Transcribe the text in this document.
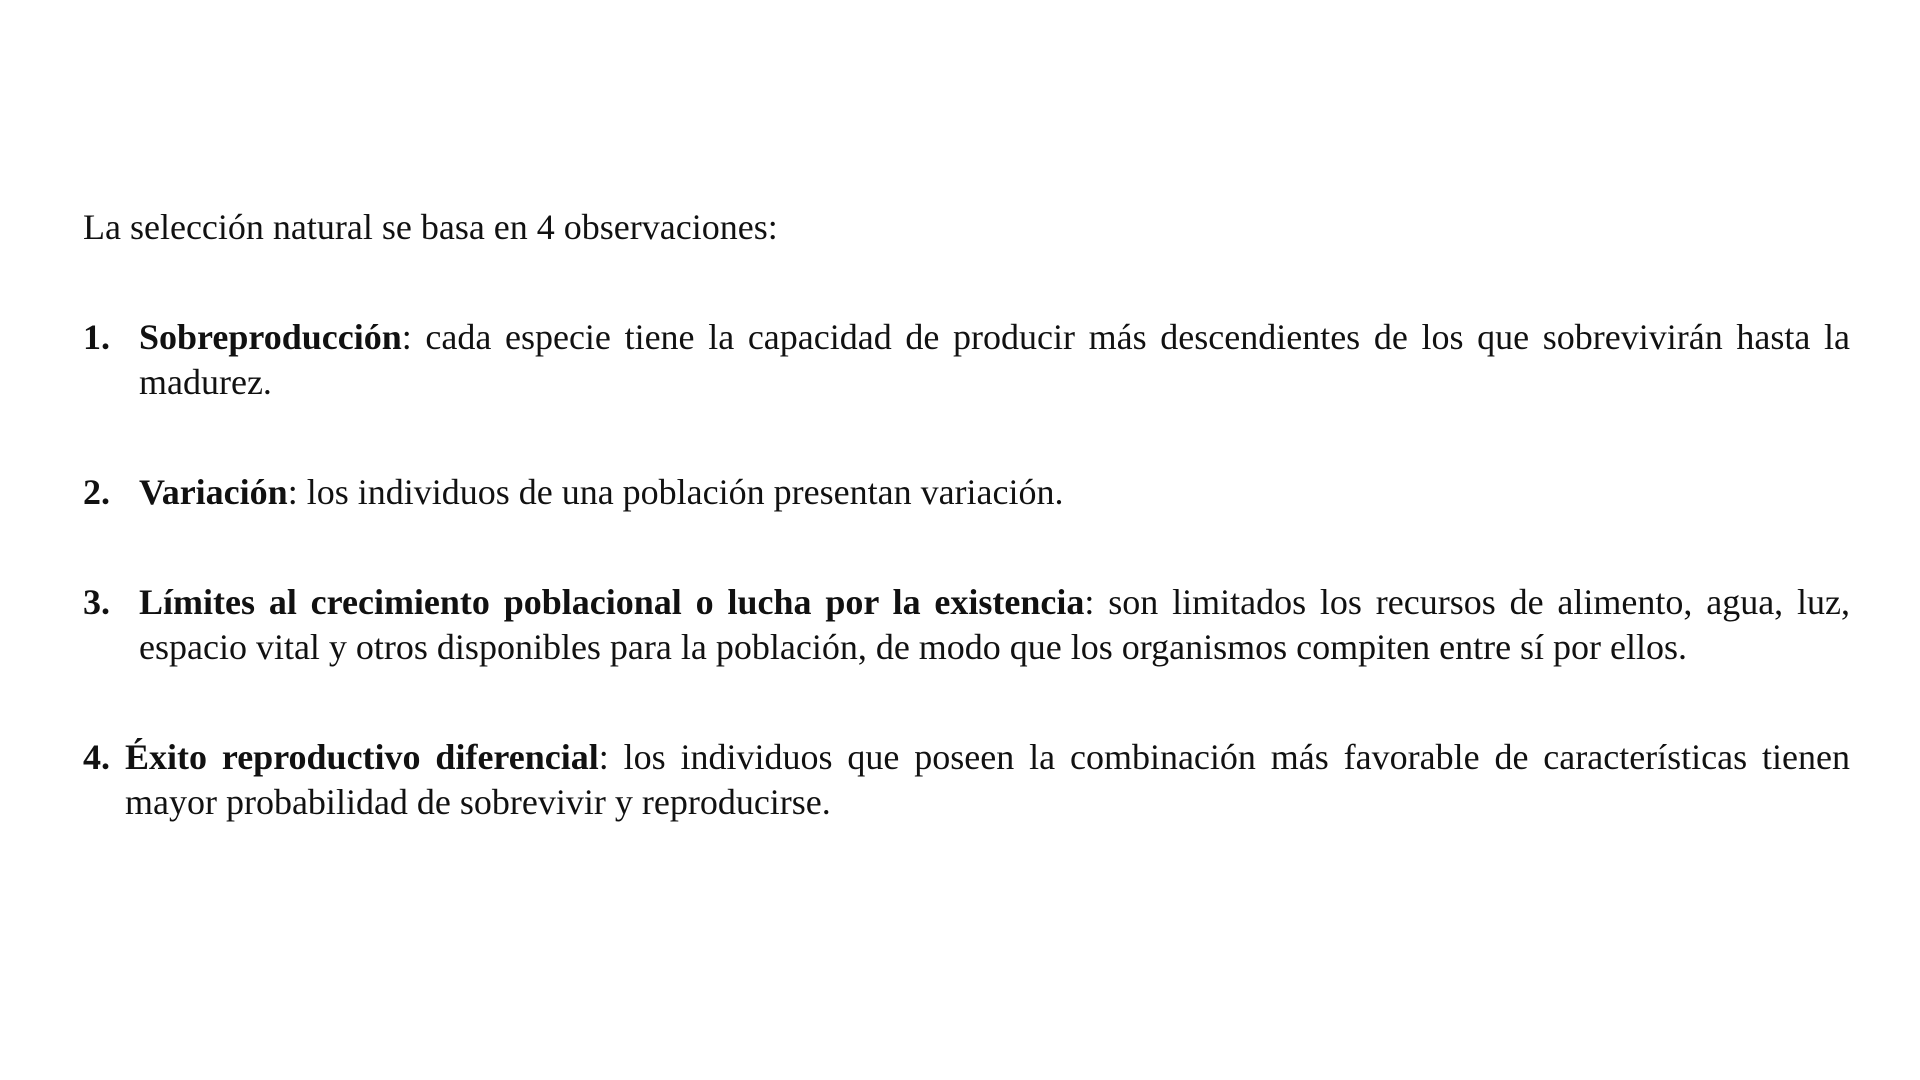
La selección natural se basa en 4 observaciones:

1. Sobreproducción: cada especie tiene la capacidad de producir más descendientes de los que sobrevivirán hasta la madurez.
2. Variación: los individuos de una población presentan variación.
3. Límites al crecimiento poblacional o lucha por la existencia: son limitados los recursos de alimento, agua, luz, espacio vital y otros disponibles para la población, de modo que los organismos compiten entre sí por ellos.
4. Éxito reproductivo diferencial: los individuos que poseen la combinación más favorable de características tienen mayor probabilidad de sobrevivir y reproducirse.
